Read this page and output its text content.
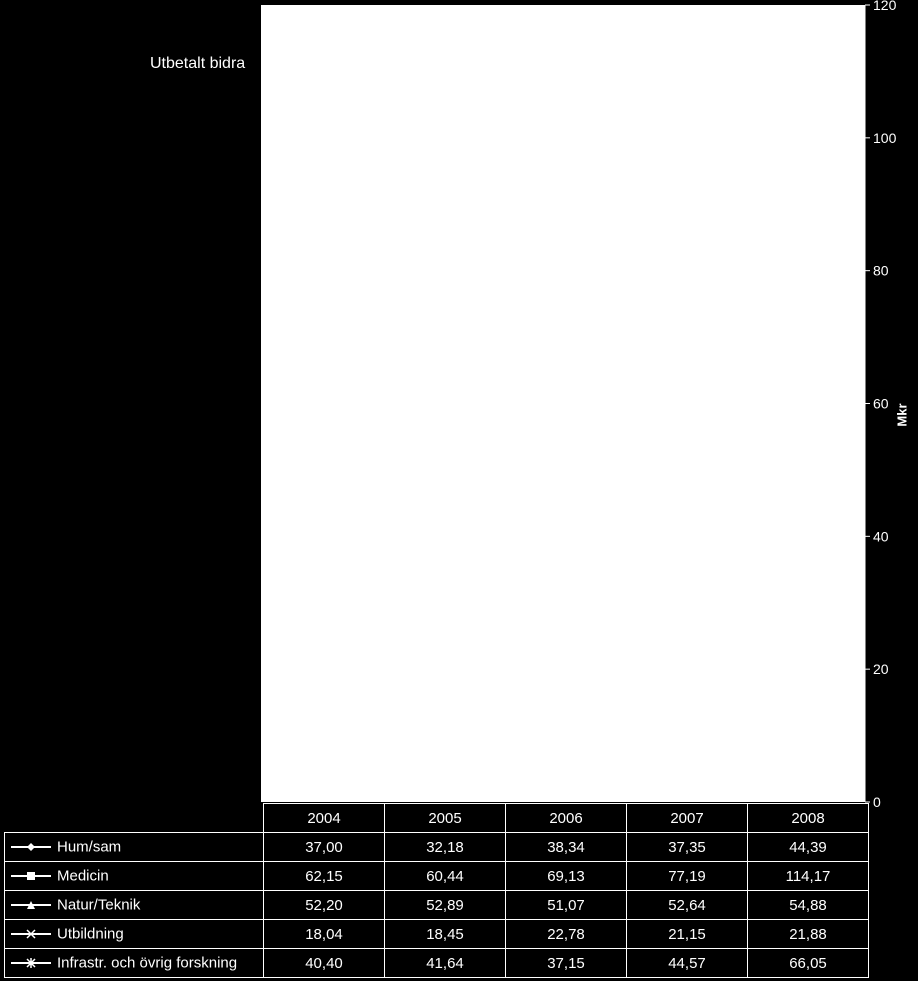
Utbetalt bidra
0
20
40
60
80
100
120
Mkr
	2004	2005	2006	2007	2008
Hum/sam	37,00	32,18	38,34	37,35	44,39
Medicin	62,15	60,44	69,13	77,19	114,17
Natur/Teknik	52,20	52,89	51,07	52,64	54,88
Utbildning	18,04	18,45	22,78	21,15	21,88
Infrastr. och övrig forskning	40,40	41,64	37,15	44,57	66,05
